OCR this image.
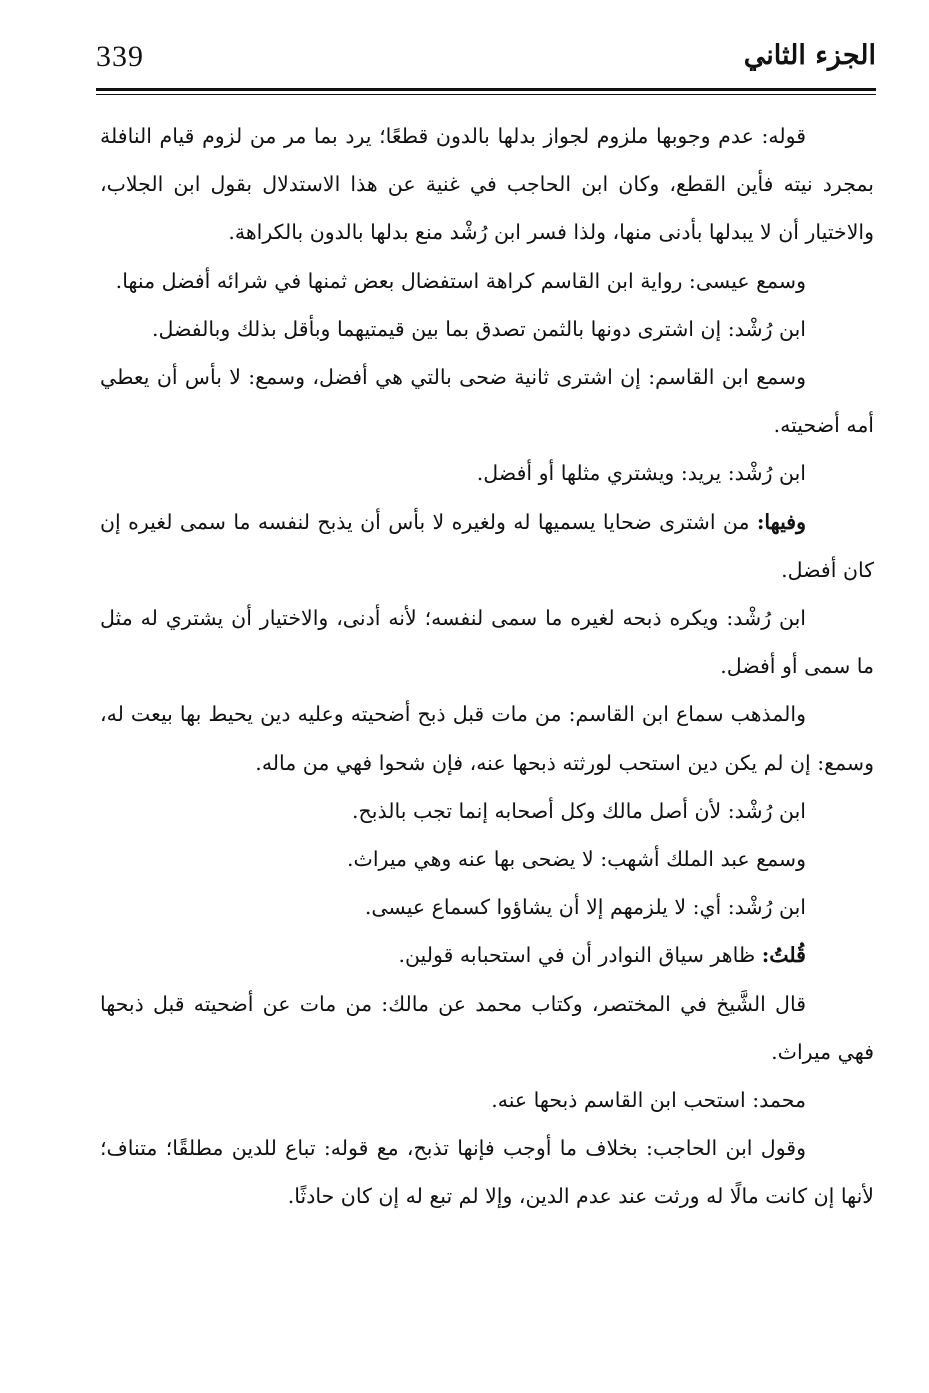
339	الجزء الثاني

قوله: عدم وجوبها ملزوم لجواز بدلها بالدون قطعًا؛ يرد بما مر من لزوم قيام النافلة بمجرد نيته فأين القطع، وكان ابن الحاجب في غنية عن هذا الاستدلال بقول ابن الجلاب، والاختيار أن لا يبدلها بأدنى منها، ولذا فسر ابن رُشْد منع بدلها بالدون بالكراهة.

وسمع عيسى: رواية ابن القاسم كراهة استفضال بعض ثمنها في شرائه أفضل منها.

ابن رُشْد: إن اشترى دونها بالثمن تصدق بما بين قيمتيهما وبأقل بذلك وبالفضل.

وسمع ابن القاسم: إن اشترى ثانية ضحى بالتي هي أفضل، وسمع: لا بأس أن يعطي أمه أضحيته.

ابن رُشْد: يريد: ويشتري مثلها أو أفضل.

وفيها: من اشترى ضحايا يسميها له ولغيره لا بأس أن يذبح لنفسه ما سمى لغيره إن كان أفضل.

ابن رُشْد: ويكره ذبحه لغيره ما سمى لنفسه؛ لأنه أدنى، والاختيار أن يشتري له مثل ما سمى أو أفضل.

والمذهب سماع ابن القاسم: من مات قبل ذبح أضحيته وعليه دين يحيط بها بيعت له، وسمع: إن لم يكن دين استحب لورثته ذبحها عنه، فإن شحوا فهي من ماله.

ابن رُشْد: لأن أصل مالك وكل أصحابه إنما تجب بالذبح.

وسمع عبد الملك أشهب: لا يضحى بها عنه وهي ميراث.

ابن رُشْد: أي: لا يلزمهم إلا أن يشاؤوا كسماع عيسى.

قُلتُ: ظاهر سياق النوادر أن في استحبابه قولين.

قال الشَّيخ في المختصر، وكتاب محمد عن مالك: من مات عن أضحيته قبل ذبحها فهي ميراث.

محمد: استحب ابن القاسم ذبحها عنه.

وقول ابن الحاجب: بخلاف ما أوجب فإنها تذبح، مع قوله: تباع للدين مطلقًا؛ متناف؛ لأنها إن كانت مالًا له ورثت عند عدم الدين، وإلا لم تبع له إن كان حادثًا.
